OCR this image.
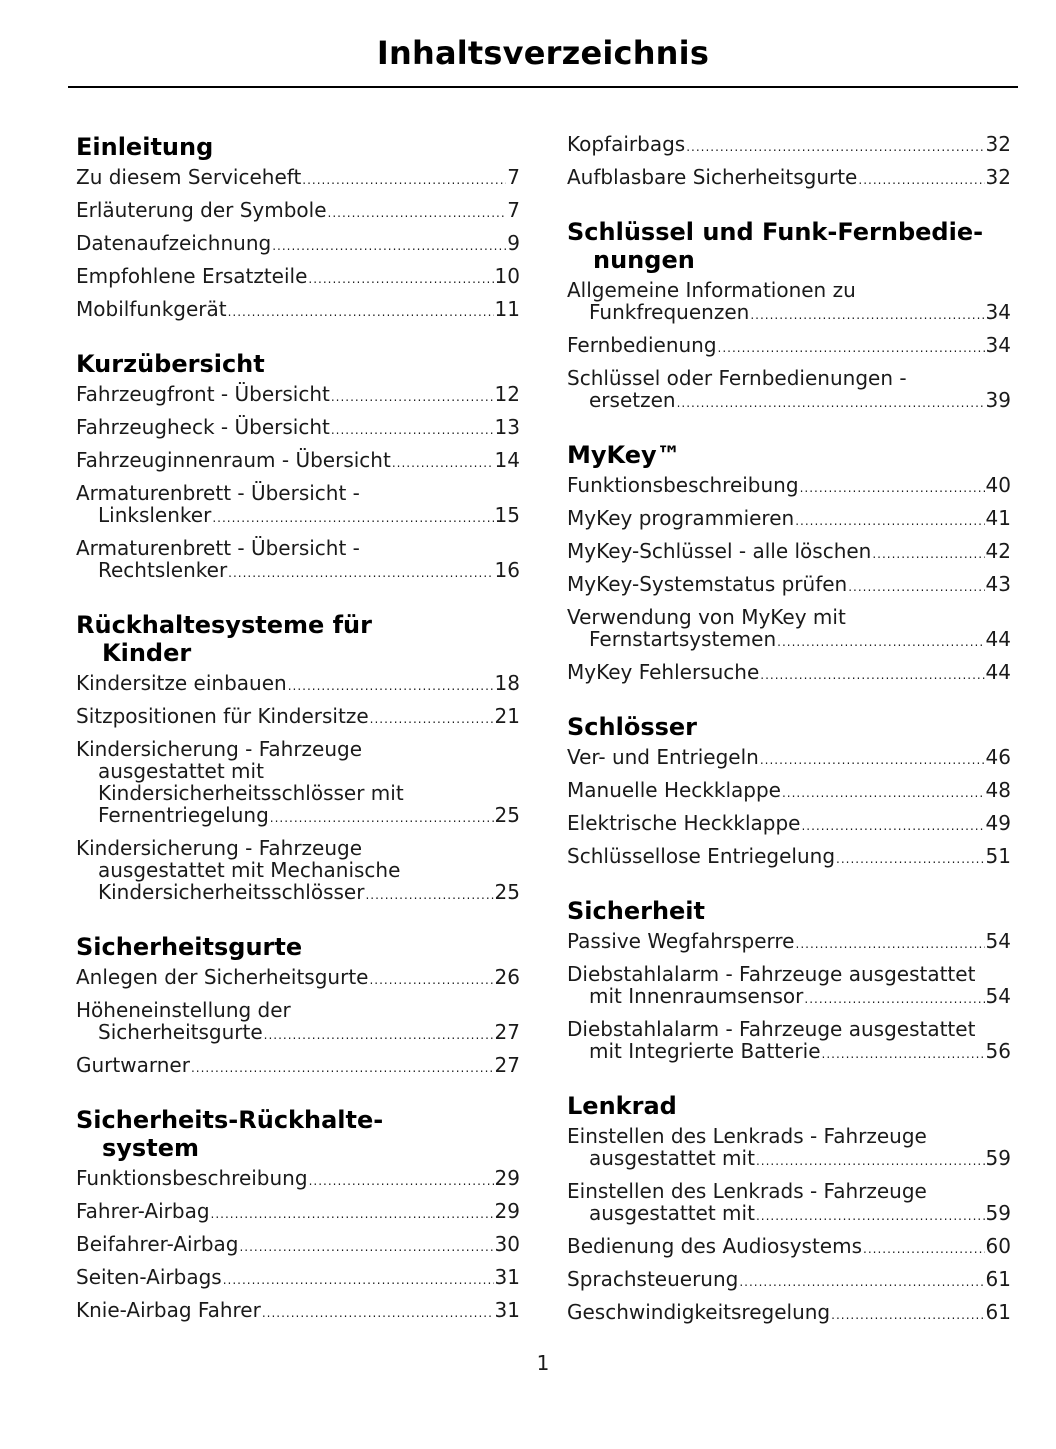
Inhaltsverzeichnis
Einleitung
Zu diesem Serviceheft .....	7
Erläuterung der Symbole .....	7
Datenaufzeichnung .....	9
Empfohlene Ersatzteile .....	10
Mobilfunkgerät .....	11
Kurzübersicht
Fahrzeugfront - Übersicht .....	12
Fahrzeugheck - Übersicht .....	13
Fahrzeuginnenraum - Übersicht .....	14
Armaturenbrett - Übersicht -
Linkslenker .....	15
Armaturenbrett - Übersicht -
Rechtslenker .....	16
Rückhaltesysteme für
Kinder
Kindersitze einbauen .....	18
Sitzpositionen für Kindersitze .....	21
Kindersicherung - Fahrzeuge
ausgestattet mit
Kindersicherheitsschlösser mit
Fernentriegelung .....	25
Kindersicherung - Fahrzeuge
ausgestattet mit Mechanische
Kindersicherheitsschlösser .....	25
Sicherheitsgurte
Anlegen der Sicherheitsgurte .....	26
Höheneinstellung der
Sicherheitsgurte .....	27
Gurtwarner .....	27
Sicherheits-Rückhalte-
system
Funktionsbeschreibung .....	29
Fahrer-Airbag .....	29
Beifahrer-Airbag .....	30
Seiten-Airbags .....	31
Knie-Airbag Fahrer .....	31
Kopfairbags .....	32
Aufblasbare Sicherheitsgurte .....	32
Schlüssel und Funk-Fernbedie-
nungen
Allgemeine Informationen zu
Funkfrequenzen .....	34
Fernbedienung .....	34
Schlüssel oder Fernbedienungen -
ersetzen .....	39
MyKey™
Funktionsbeschreibung .....	40
MyKey programmieren .....	41
MyKey-Schlüssel - alle löschen .....	42
MyKey-Systemstatus prüfen .....	43
Verwendung von MyKey mit
Fernstartsystemen .....	44
MyKey Fehlersuche .....	44
Schlösser
Ver- und Entriegeln .....	46
Manuelle Heckklappe .....	48
Elektrische Heckklappe .....	49
Schlüssellose Entriegelung .....	51
Sicherheit
Passive Wegfahrsperre .....	54
Diebstahlalarm - Fahrzeuge ausgestattet
mit Innenraumsensor .....	54
Diebstahlalarm - Fahrzeuge ausgestattet
mit Integrierte Batterie .....	56
Lenkrad
Einstellen des Lenkrads - Fahrzeuge
ausgestattet mit .....	59
Einstellen des Lenkrads - Fahrzeuge
ausgestattet mit .....	59
Bedienung des Audiosystems .....	60
Sprachsteuerung .....	61
Geschwindigkeitsregelung .....	61
1
